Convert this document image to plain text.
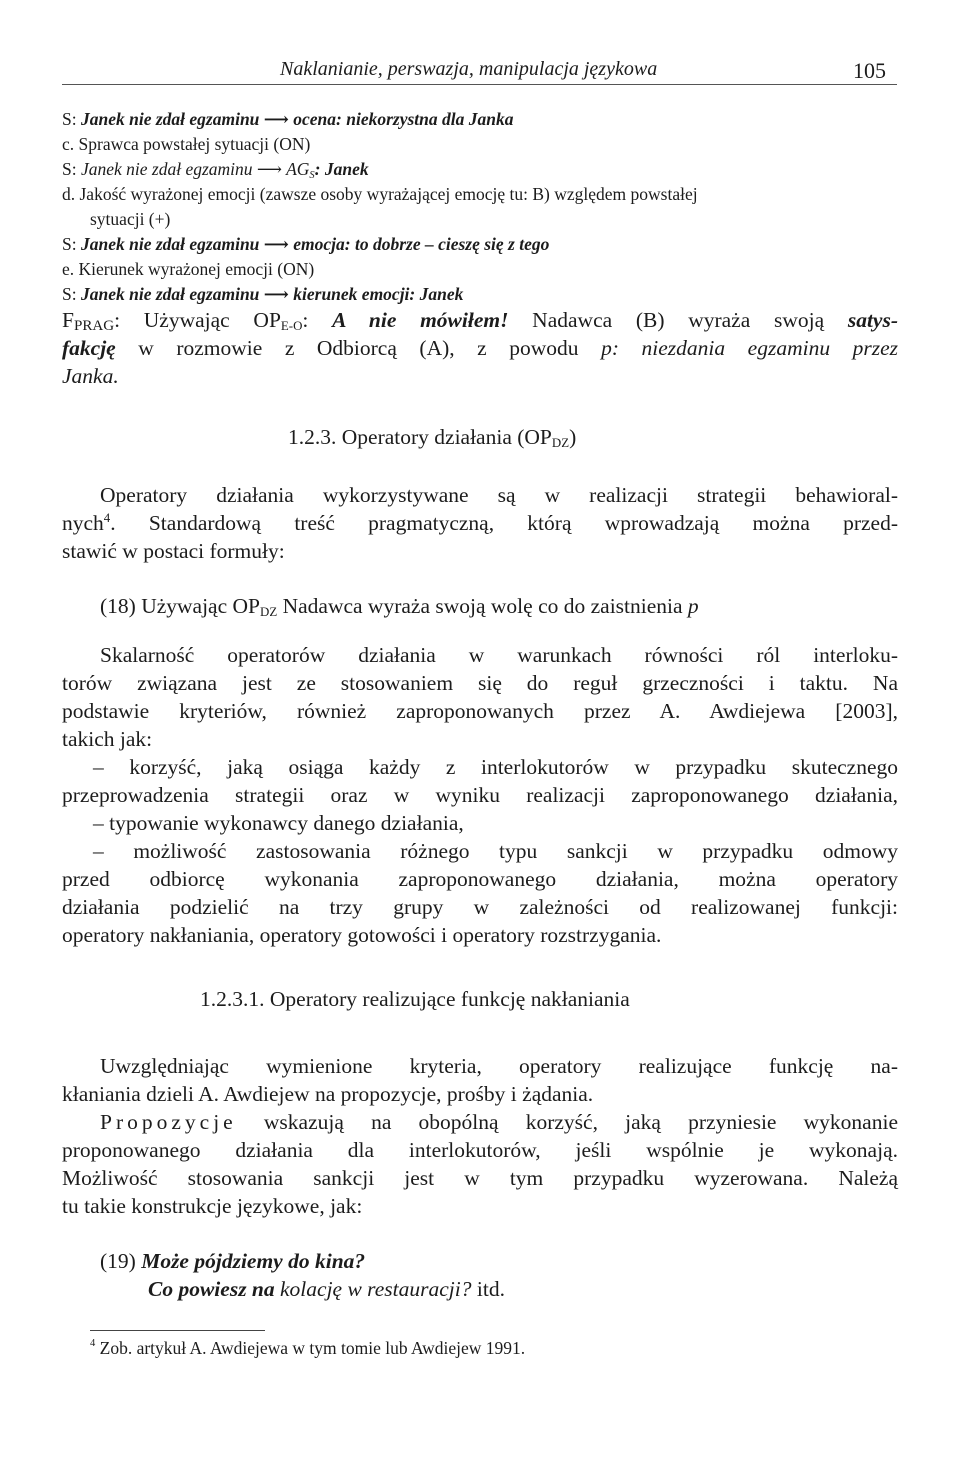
Naklanianie, perswazja, manipulacja językowa	105
S: Janek nie zdał egzaminu ⟶ ocena: niekorzystna dla Janka
c. Sprawca powstałej sytuacji (ON)
S: Janek nie zdał egzaminu ⟶ $AG_S$: Janek
d. Jakość wyrażonej emocji (zawsze osoby wyrażającej emocję tu: B) względem powstałej
sytuacji (+)
S: Janek nie zdał egzaminu ⟶ emocja: to dobrze – cieszę się z tego
e. Kierunek wyrażonej emocji (ON)
S: Janek nie zdał egzaminu ⟶ kierunek emocji: Janek
$F_{PRAG}$: Używając $OP_{E-O}$: A nie mówiłem! Nadawca (B) wyraża swoją satys-
fakcję w rozmowie z Odbiorcą (A), z powodu p: niezdania egzaminu przez
Janka.
1.2.3. Operatory działania $(OP_{DZ})$
Operatory działania wykorzystywane są w realizacji strategii behawioral-
nych$^4$. Standardową treść pragmatyczną, którą wprowadzają można przed-
stawić w postaci formuły:
(18) Używając $OP_{DZ}$ Nadawca wyraża swoją wolę co do zaistnienia p
Skalarność operatorów działania w warunkach równości ról interloku-
torów związana jest ze stosowaniem się do reguł grzeczności i taktu. Na
podstawie kryteriów, również zaproponowanych przez A. Awdiejewa [2003],
takich jak:
– korzyść, jaką osiąga każdy z interlokutorów w przypadku skutecznego
przeprowadzenia strategii oraz w wyniku realizacji zaproponowanego działania,
– typowanie wykonawcy danego działania,
– możliwość zastosowania różnego typu sankcji w przypadku odmowy
przed odbiorcę wykonania zaproponowanego działania, można operatory
działania podzielić na trzy grupy w zależności od realizowanej funkcji:
operatory nakłaniania, operatory gotowości i operatory rozstrzygania.
1.2.3.1. Operatory realizujące funkcję nakłaniania
Uwzględniając wymienione kryteria, operatory realizujące funkcję na-
kłaniania dzieli A. Awdiejew na propozycje, prośby i żądania.
Propozycje wskazują na obopólną korzyść, jaką przyniesie wykonanie
proponowanego działania dla interlokutorów, jeśli wspólnie je wykonają.
Możliwość stosowania sankcji jest w tym przypadku wyzerowana. Należą
tu takie konstrukcje językowe, jak:
(19) Może pójdziemy do kina?
Co powiesz na kolację w restauracji? itd.
$^4$ Zob. artykuł A. Awdiejewa w tym tomie lub Awdiejew 1991.
